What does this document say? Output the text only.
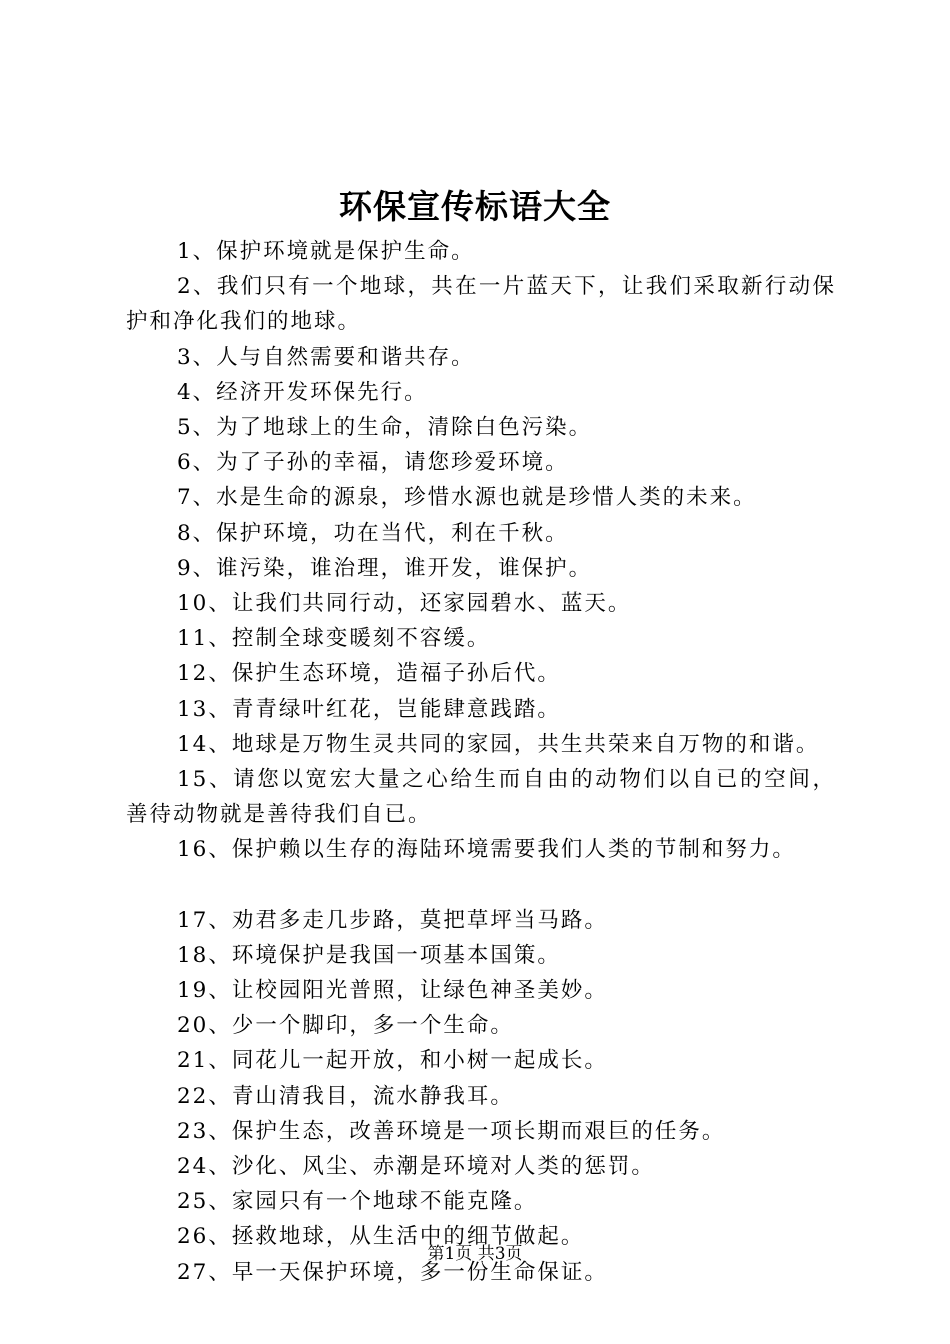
环保宣传标语大全

1、保护环境就是保护生命。

2、我们只有一个地球，共在一片蓝天下，让我们采取新行动保护和净化我们的地球。

3、人与自然需要和谐共存。

4、经济开发环保先行。

5、为了地球上的生命，清除白色污染。

6、为了子孙的幸福，请您珍爱环境。

7、水是生命的源泉，珍惜水源也就是珍惜人类的未来。

8、保护环境，功在当代，利在千秋。

9、谁污染，谁治理，谁开发，谁保护。

10、让我们共同行动，还家园碧水、蓝天。

11、控制全球变暖刻不容缓。

12、保护生态环境，造福子孙后代。

13、青青绿叶红花，岂能肆意践踏。

14、地球是万物生灵共同的家园，共生共荣来自万物的和谐。

15、请您以宽宏大量之心给生而自由的动物们以自已的空间，善待动物就是善待我们自已。

16、保护赖以生存的海陆环境需要我们人类的节制和努力。

17、劝君多走几步路，莫把草坪当马路。

18、环境保护是我国一项基本国策。

19、让校园阳光普照，让绿色神圣美妙。

20、少一个脚印，多一个生命。

21、同花儿一起开放，和小树一起成长。

22、青山清我目，流水静我耳。

23、保护生态，改善环境是一项长期而艰巨的任务。

24、沙化、风尘、赤潮是环境对人类的惩罚。

25、家园只有一个地球不能克隆。

26、拯救地球，从生活中的细节做起。

27、早一天保护环境，多一份生命保证。

第1页 共3页
